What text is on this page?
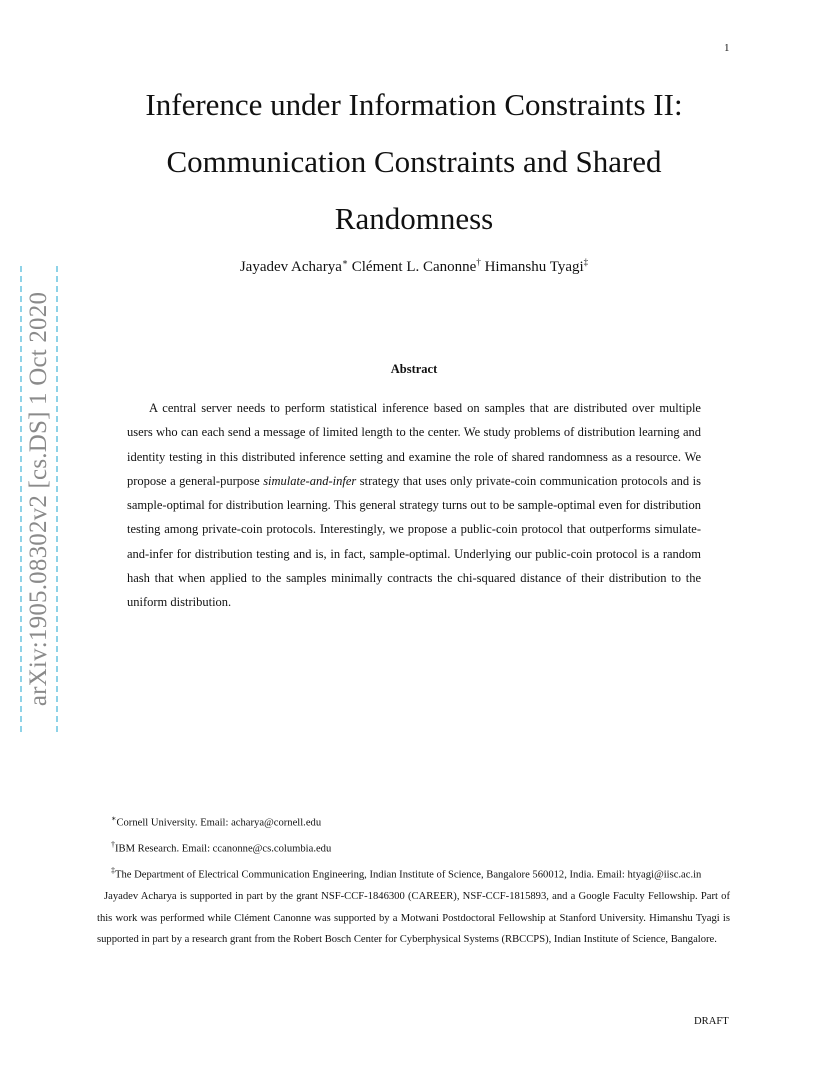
1
Inference under Information Constraints II: Communication Constraints and Shared Randomness
Jayadev Acharya∗ Clément L. Canonne† Himanshu Tyagi‡
Abstract

A central server needs to perform statistical inference based on samples that are distributed over multiple users who can each send a message of limited length to the center. We study problems of distribution learning and identity testing in this distributed inference setting and examine the role of shared randomness as a resource. We propose a general-purpose simulate-and-infer strategy that uses only private-coin communication protocols and is sample-optimal for distribution learning. This general strategy turns out to be sample-optimal even for distribution testing among private-coin protocols. Interestingly, we propose a public-coin protocol that outperforms simulate-and-infer for distribution testing and is, in fact, sample-optimal. Underlying our public-coin protocol is a random hash that when applied to the samples minimally contracts the chi-squared distance of their distribution to the uniform distribution.

arXiv:1905.08302v2 [cs.DS] 1 Oct 2020

∗Cornell University. Email: acharya@cornell.edu

†IBM Research. Email: ccanonne@cs.columbia.edu

‡The Department of Electrical Communication Engineering, Indian Institute of Science, Bangalore 560012, India. Email: htyagi@iisc.ac.in

Jayadev Acharya is supported in part by the grant NSF-CCF-1846300 (CAREER), NSF-CCF-1815893, and a Google Faculty Fellowship. Part of this work was performed while Clément Canonne was supported by a Motwani Postdoctoral Fellowship at Stanford University. Himanshu Tyagi is supported in part by a research grant from the Robert Bosch Center for Cyberphysical Systems (RBCCPS), Indian Institute of Science, Bangalore.

DRAFT
